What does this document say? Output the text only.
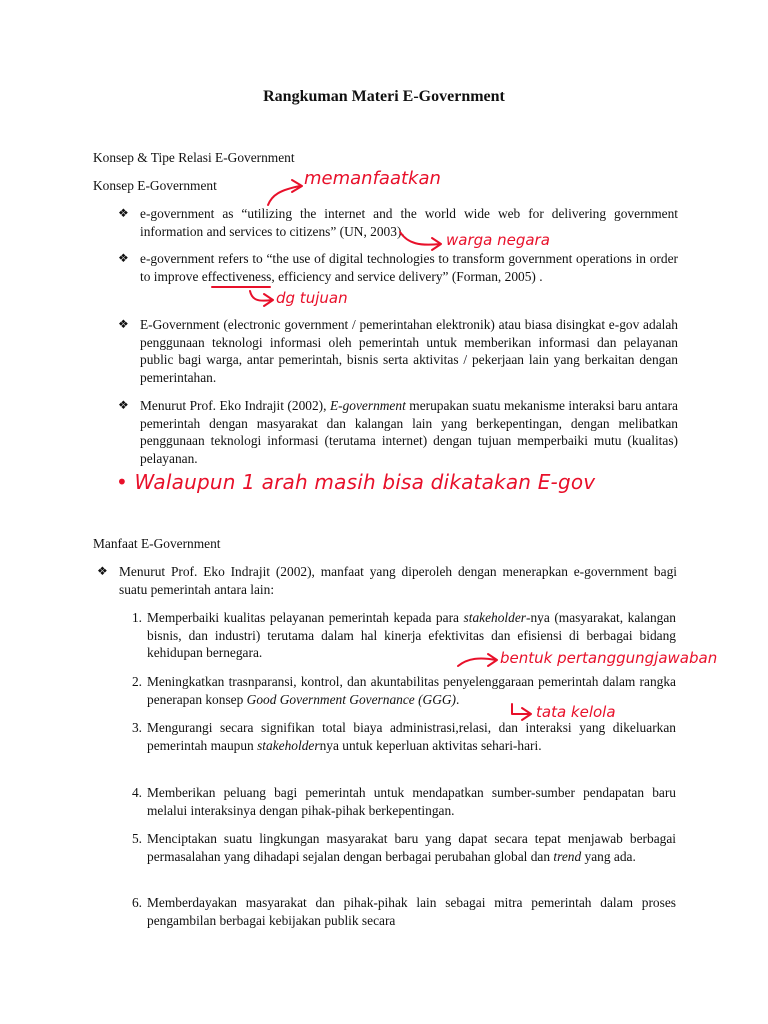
Rangkuman Materi E-Government
Konsep & Tipe Relasi E-Government
Konsep E-Government
❖ e-government as “utilizing the internet and the world wide web for delivering government information and services to citizens” (UN, 2003).
❖ e-government refers to “the use of digital technologies to transform government operations in order to improve effectiveness, efficiency and service delivery” (Forman, 2005) .
❖ E-Government (electronic government / pemerintahan elektronik) atau biasa disingkat e-gov adalah penggunaan teknologi informasi oleh pemerintah untuk memberikan informasi dan pelayanan public bagi warga, antar pemerintah, bisnis serta aktivitas / pekerjaan lain yang berkaitan dengan pemerintahan.
❖ Menurut Prof. Eko Indrajit (2002), E-government merupakan suatu mekanisme interaksi baru antara pemerintah dengan masyarakat dan kalangan lain yang berkepentingan, dengan melibatkan penggunaan teknologi informasi (terutama internet) dengan tujuan memperbaiki mutu (kualitas) pelayanan.
Manfaat E-Government
❖ Menurut Prof. Eko Indrajit (2002), manfaat yang diperoleh dengan menerapkan e-government bagi suatu pemerintah antara lain:
1. Memperbaiki kualitas pelayanan pemerintah kepada para stakeholder-nya (masyarakat, kalangan bisnis, dan industri) terutama dalam hal kinerja efektivitas dan efisiensi di berbagai bidang kehidupan bernegara.
2. Meningkatkan trasnparansi, kontrol, dan akuntabilitas penyelenggaraan pemerintah dalam rangka penerapan konsep Good Government Governance (GGG).
3. Mengurangi secara signifikan total biaya administrasi,relasi, dan interaksi yang dikeluarkan pemerintah maupun stakeholdernya untuk keperluan aktivitas sehari-hari.
4. Memberikan peluang bagi pemerintah untuk mendapatkan sumber-sumber pendapatan baru melalui interaksinya dengan pihak-pihak berkepentingan.
5. Menciptakan suatu lingkungan masyarakat baru yang dapat secara tepat menjawab berbagai permasalahan yang dihadapi sejalan dengan berbagai perubahan global dan trend yang ada.
6. Memberdayakan masyarakat dan pihak-pihak lain sebagai mitra pemerintah dalam proses pengambilan berbagai kebijakan publik secara
memanfaatkan
warga negara
dg tujuan
• Walaupun 1 arah masih bisa dikatakan E-gov
bentuk pertanggungjawaban
tata kelola
